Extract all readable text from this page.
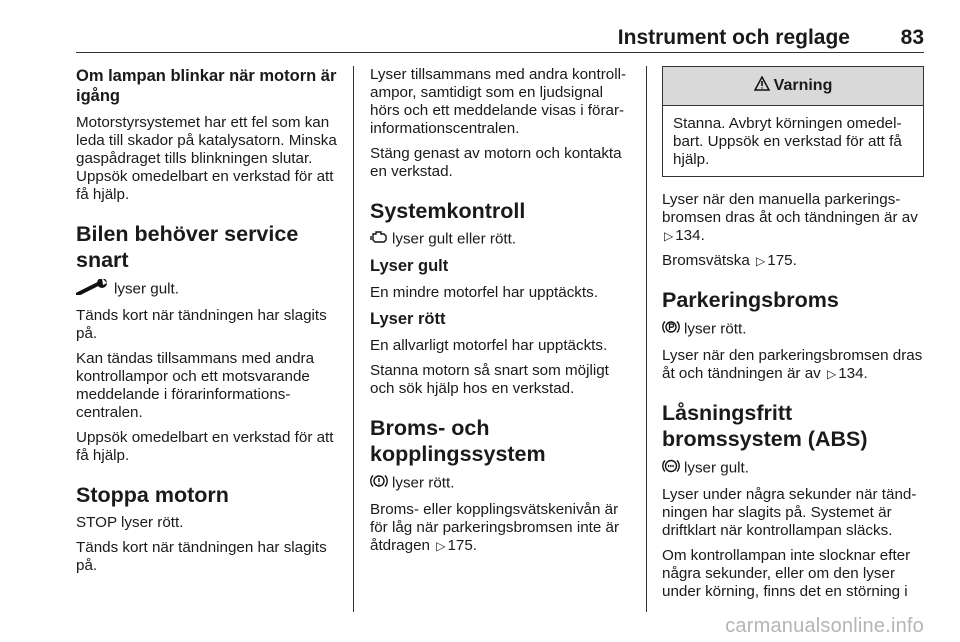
Instrument och reglage 83
Om lampan blinkar när motorn är igång

Motorstyrsystemet har ett fel som kan leda till skador på katalysatorn. Minska gaspådraget tills blinkningen slutar. Uppsök omedelbart en verkstad för att få hjälp.

Bilen behöver service snart

lyser gult.

Tänds kort när tändningen har slagits på.

Kan tändas tillsammans med andra kontrollampor och ett motsvarande meddelande i förarinformationscentralen.

Uppsök omedelbart en verkstad för att få hjälp.

Stoppa motorn

STOP lyser rött.

Tänds kort när tändningen har slagits på.

Lyser tillsammans med andra kontrollampor, samtidigt som en ljudsignal hörs och ett meddelande visas i förarinformationscentralen.

Stäng genast av motorn och kontakta en verkstad.

Systemkontroll

lyser gult eller rött.

Lyser gult

En mindre motorfel har upptäckts.

Lyser rött

En allvarligt motorfel har upptäckts.

Stanna motorn så snart som möjligt och sök hjälp hos en verkstad.

Broms- och kopplingssystem

lyser rött.

Broms- eller kopplingsvätskenivån är för låg när parkeringsbromsen inte är åtdragen ▷ 175.

Varning

Stanna. Avbryt körningen omedelbart. Uppsök en verkstad för att få hjälp.

Lyser när den manuella parkeringsbromsen dras åt och tändningen är av ▷ 134.

Bromsvätska ▷ 175.

Parkeringsbroms

lyser rött.

Lyser när den parkeringsbromsen dras åt och tändningen är av ▷ 134.

Låsningsfritt bromssystem (ABS)

lyser gult.

Lyser under några sekunder när tändningen har slagits på. Systemet är driftklart när kontrollampan släcks.

Om kontrollampan inte slocknar efter några sekunder, eller om den lyser under körning, finns det en störning i

carmanualsonline.info
